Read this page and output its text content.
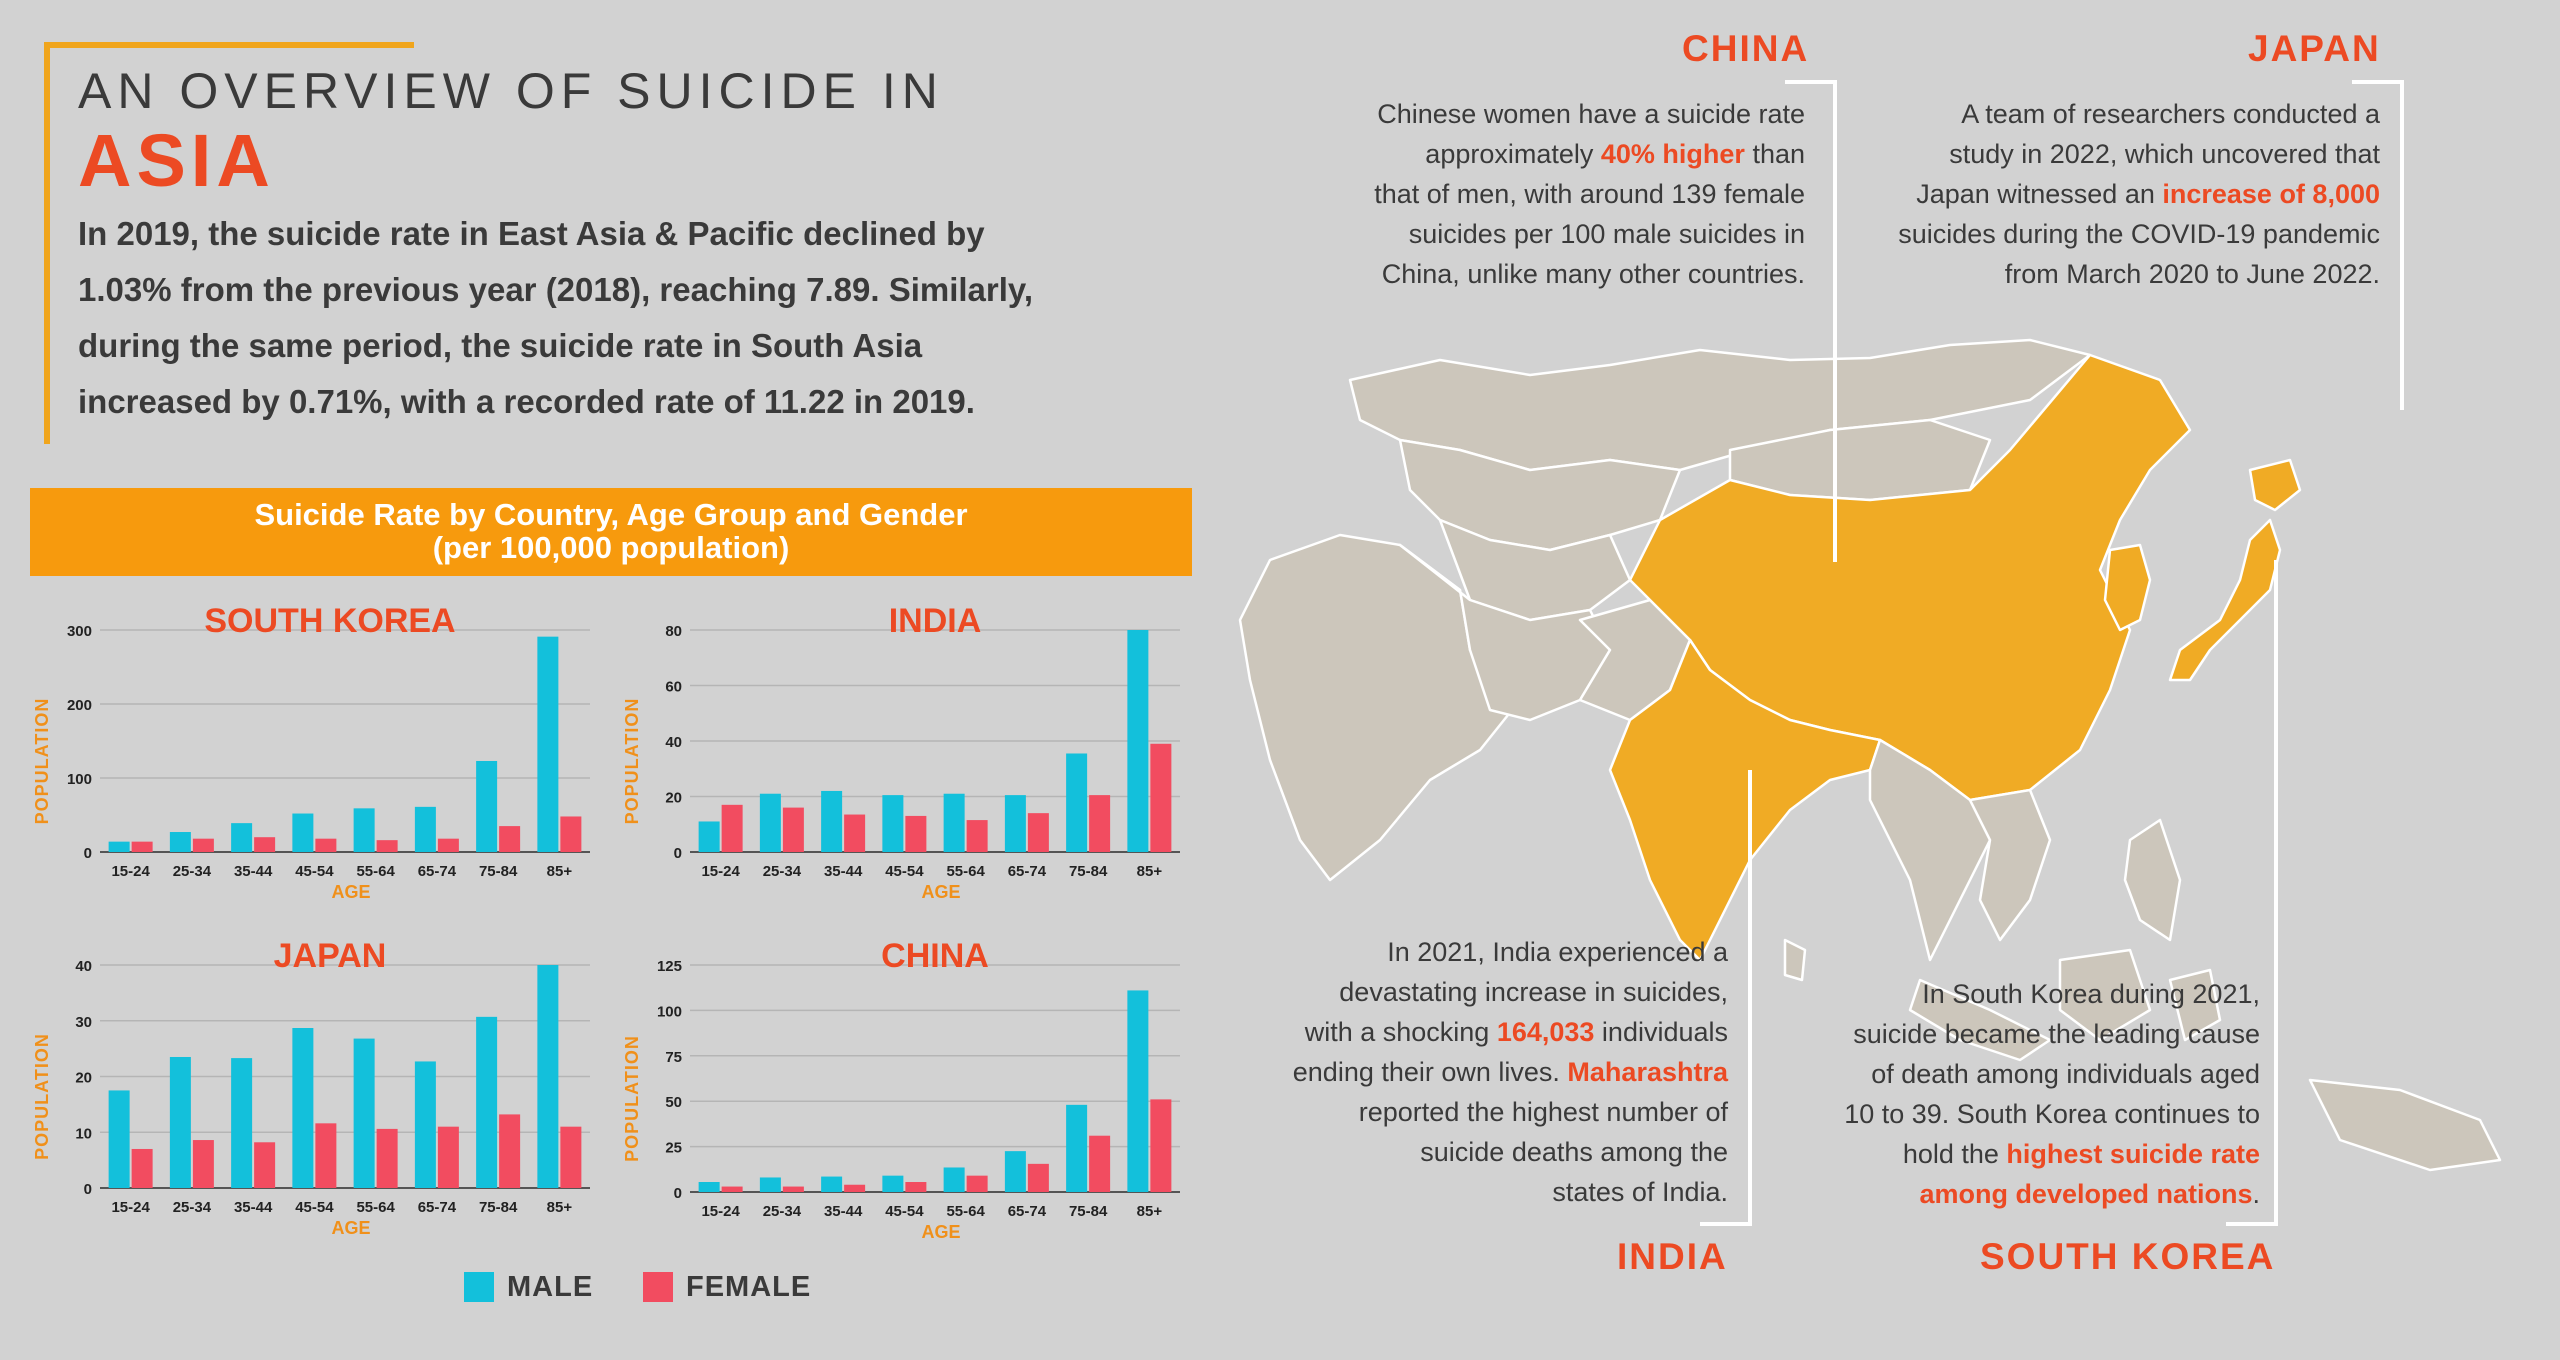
AN OVERVIEW OF SUICIDE IN
ASIA
In 2019, the suicide rate in East Asia & Pacific declined by
1.03% from the previous year (2018), reaching 7.89. Similarly,
during the same period, the suicide rate in South Asia
increased by 0.71%, with a recorded rate of 11.22 in 2019.
Suicide Rate by Country, Age Group and Gender
(per 100,000 population)
0
100
200
300	SOUTH KOREA
POPULATION
AGE
15-24 25-34 35-44 45-54 55-64 65-74 75-84 85+
0
20
40
60
80	INDIA
POPULATION
AGE
15-24 25-34 35-44 45-54 55-64 65-74 75-84 85+
0
10
20
30
40	JAPAN
POPULATION
AGE
15-24 25-34 35-44 45-54 55-64 65-74 75-84 85+
0
25
50
75
100
125	CHINA
POPULATION
AGE
15-24 25-34 35-44 45-54 55-64 65-74 75-84 85+
MALE	FEMALE
CHINA	JAPAN
INDIA	SOUTH KOREA
Chinese women have a suicide rate
approximately 40% higher than
that of men, with around 139 female
suicides per 100 male suicides in
China, unlike many other countries.
A team of researchers conducted a
study in 2022, which uncovered that
Japan witnessed an increase of 8,000
suicides during the COVID-19 pandemic
from March 2020 to June 2022.
In 2021, India experienced a
devastating increase in suicides,
with a shocking 164,033 individuals
ending their own lives. Maharashtra
reported the highest number of
suicide deaths among the
states of India.
In South Korea during 2021,
suicide became the leading cause
of death among individuals aged
10 to 39. South Korea continues to
hold the highest suicide rate
among developed nations.
